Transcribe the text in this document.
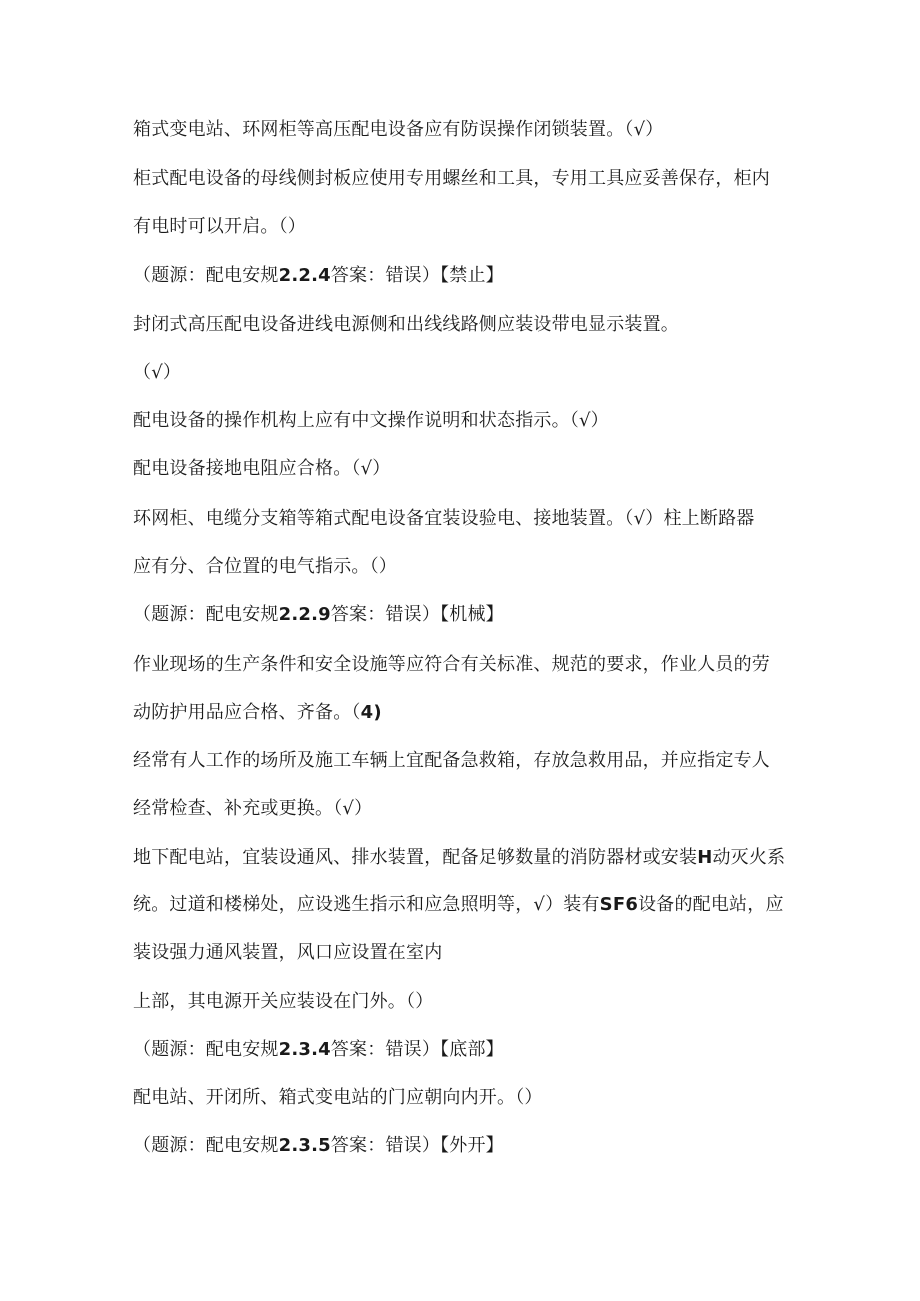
箱式变电站、环网柜等高压配电设备应有防误操作闭锁装置。（√）
柜式配电设备的母线侧封板应使用专用螺丝和工具，专用工具应妥善保存，柜内
有电时可以开启。（）
（题源：配电安规2.2.4答案：错误）【禁止】
封闭式高压配电设备进线电源侧和出线线路侧应装设带电显示装置。
（√）
配电设备的操作机构上应有中文操作说明和状态指示。（√）
配电设备接地电阻应合格。（√）
环网柜、电缆分支箱等箱式配电设备宜装设验电、接地装置。（√）柱上断路器
应有分、合位置的电气指示。（）
（题源：配电安规2.2.9答案：错误）【机械】
作业现场的生产条件和安全设施等应符合有关标准、规范的要求，作业人员的劳
动防护用品应合格、齐备。（4)
经常有人工作的场所及施工车辆上宜配备急救箱，存放急救用品，并应指定专人
经常检查、补充或更换。（√）
地下配电站，宜装设通风、排水装置，配备足够数量的消防器材或安装H动灭火系
统。过道和楼梯处，应设逃生指示和应急照明等，√）装有SF6设备的配电站，应
装设强力通风装置，风口应设置在室内
上部，其电源开关应装设在门外。（）
（题源：配电安规2.3.4答案：错误）【底部】
配电站、开闭所、箱式变电站的门应朝向内开。（）
（题源：配电安规2.3.5答案：错误）【外开】
